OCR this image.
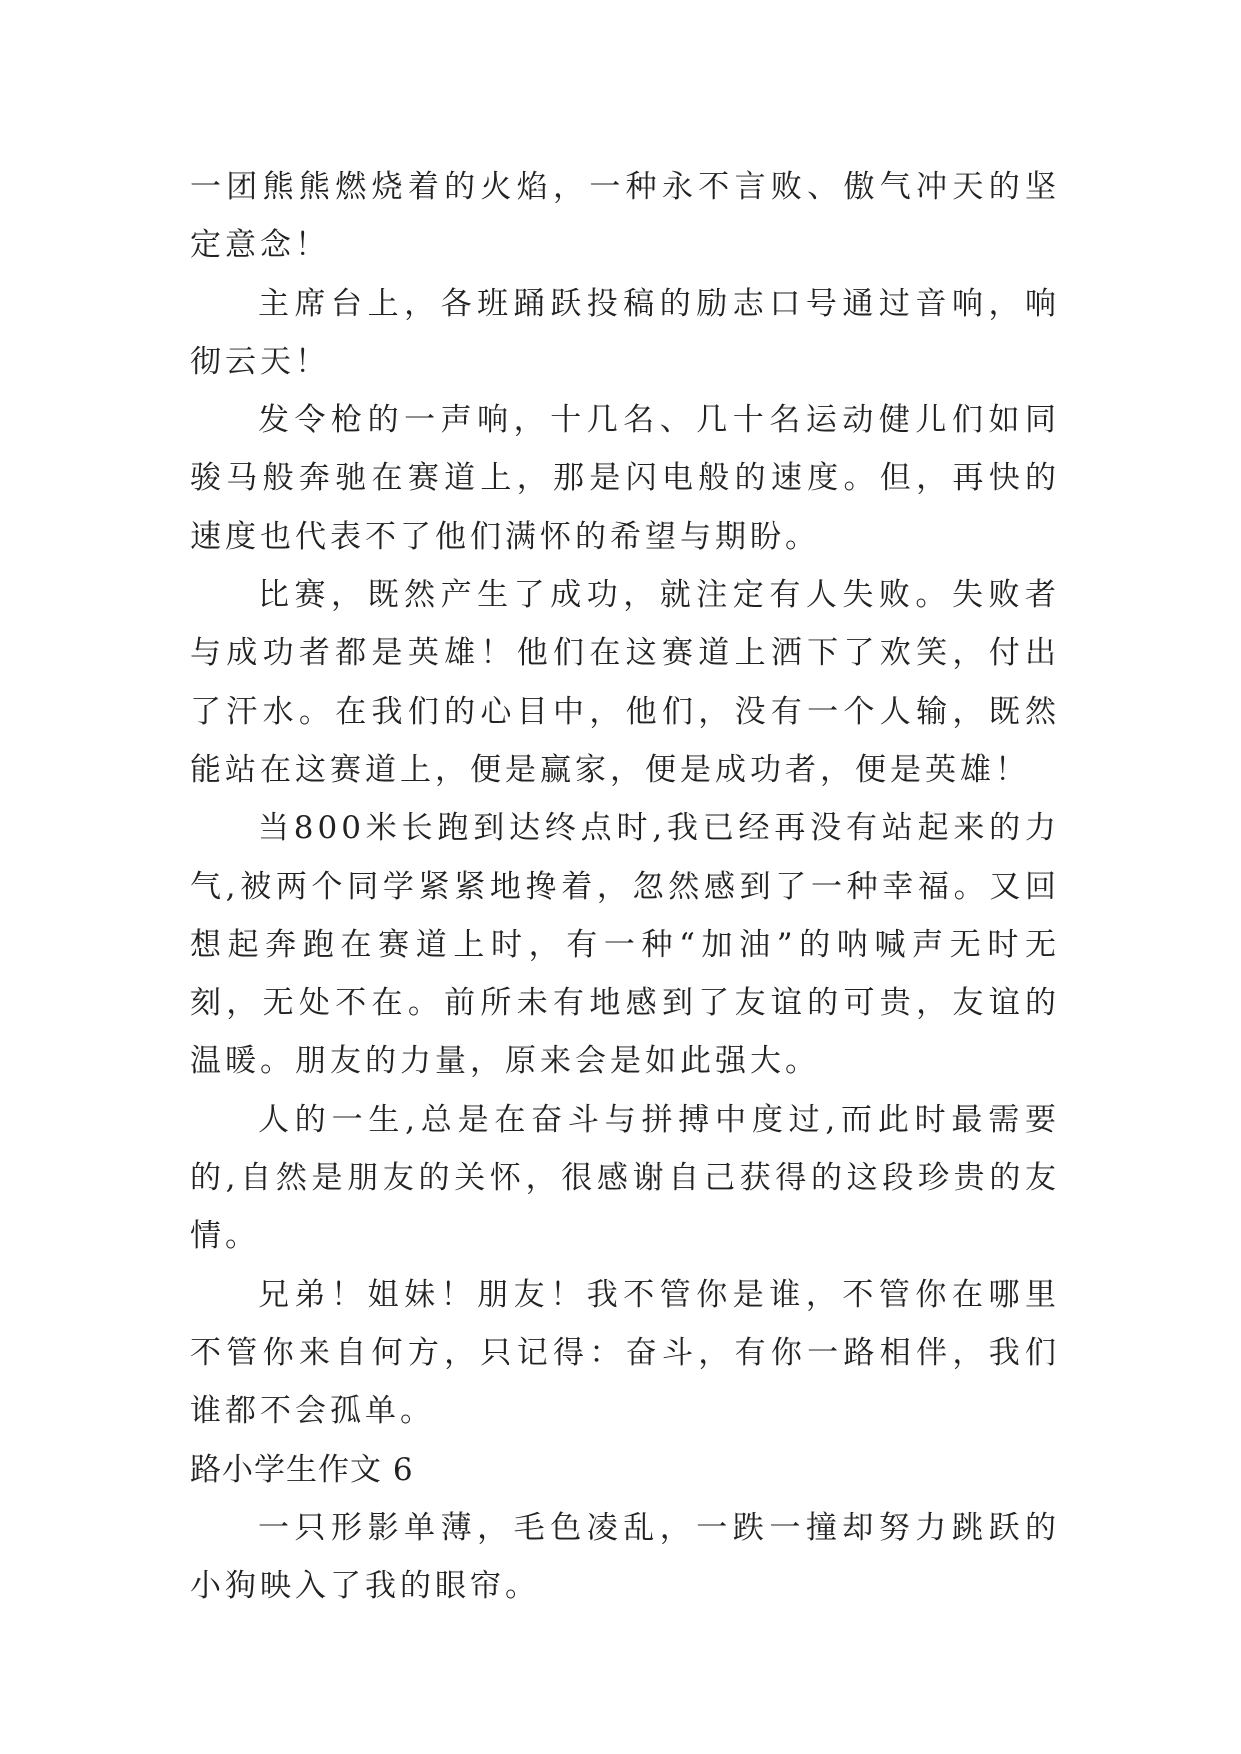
一团熊熊燃烧着的火焰，一种永不言败、傲气冲天的坚定意念！

主席台上，各班踊跃投稿的励志口号通过音响，响彻云天！

发令枪的一声响，十几名、几十名运动健儿们如同骏马般奔驰在赛道上，那是闪电般的速度。但，再快的速度也代表不了他们满怀的希望与期盼。

比赛，既然产生了成功，就注定有人失败。失败者与成功者都是英雄！他们在这赛道上洒下了欢笑，付出了汗水。在我们的心目中，他们，没有一个人输，既然能站在这赛道上，便是赢家，便是成功者，便是英雄！

当800米长跑到达终点时,我已经再没有站起来的力气,被两个同学紧紧地搀着，忽然感到了一种幸福。又回想起奔跑在赛道上时，有一种“加油”的呐喊声无时无刻，无处不在。前所未有地感到了友谊的可贵，友谊的温暖。朋友的力量，原来会是如此强大。

人的一生,总是在奋斗与拼搏中度过,而此时最需要的,自然是朋友的关怀，很感谢自己获得的这段珍贵的友情。

兄弟！姐妹！朋友！我不管你是谁，不管你在哪里不管你来自何方，只记得：奋斗，有你一路相伴，我们谁都不会孤单。

路小学生作文 6

一只形影单薄，毛色凌乱，一跌一撞却努力跳跃的小狗映入了我的眼帘。
